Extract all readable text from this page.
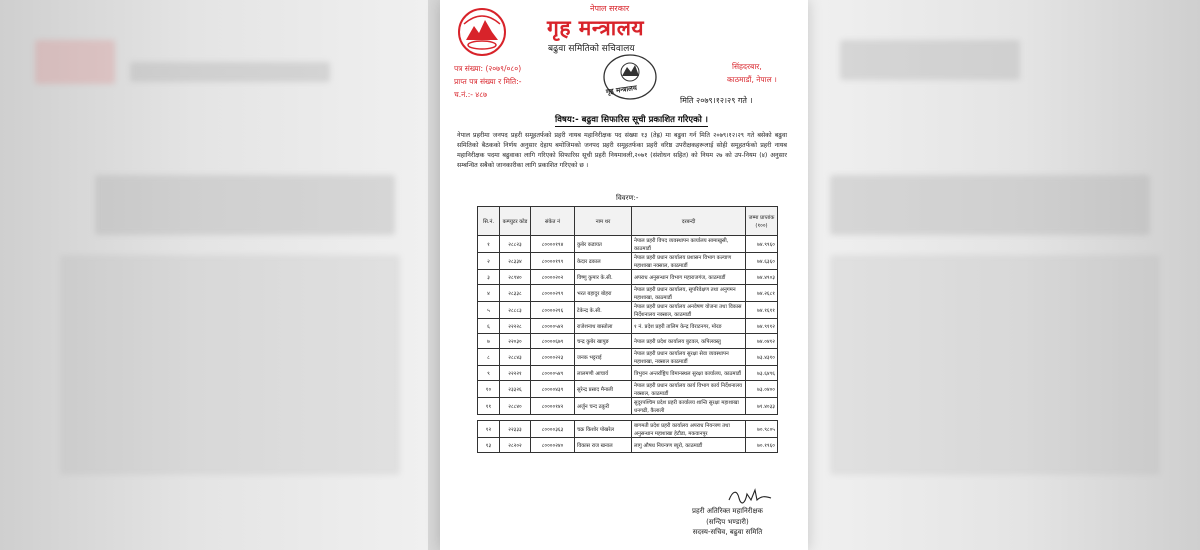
नेपाल सरकार
गृह मन्त्रालय
बढुवा समितिको सचिवालय
गृह मन्त्रालय
पत्र संख्या: (२०७९/०८०)
प्राप्त पत्र संख्या र मिति:-
च.नं.:- ४८७
सिंहदरबार,
काठमाडौं, नेपाल ।
मिति २०७९।१२।२९ गते ।
विषय:- बढुवा सिफारिस सूची प्रकाशित गरिएको ।
नेपाल प्रहरीमा जनपद प्रहरी समूहतर्फको प्रहरी नायब महानिरीक्षक पद संख्या १३ (तेह्र) मा बढुवा गर्न मिति २०७९।१२।२९ गते बसेको बढुवा समितिको बैठकको निर्णय अनुसार देहाय बमोजिमको जनपद प्रहरी समूहतर्फका प्रहरी वरिष्ठ उपरीक्षकहरूलाई सोही समूहतर्फको प्रहरी नायब महानिरीक्षक पदमा बढुवाका लागि गरिएको सिफारिस सूची प्रहरी नियमावली,२०७१ (संशोधन सहित) को नियम २७ को उप-नियम (४) अनुसार सम्बन्धित सबैको जानकारीका लागि प्रकाशित गरिएको छ ।
विवरण:-
सि.नं.	कम्प्युटर कोड	संकेत नं	नाम थर	दरबन्दी	जम्मा प्राप्तांक (१००)
१	२८८२३	८००००१९४	कुबेर कडायत	नेपाल प्रहरी विपद व्यवस्थापन कार्यालय सामाखुसी, काठमाडौं	७४.९९६०
२	२८३३४	८००००१९९	केदार ढकाल	नेपाल प्रहरी प्रधान कार्यालय प्रशासन विभाग कल्याण महाशाखा नक्साल, काठमाडौं	७४.६३६०
३	२८९४०	८००००२०२	विष्णु कुमार के.सी.	अपराध अनुसन्धान विभाग महाराजगंज, काठमाडौं	७४.४९०३
४	२८३३८	८००००२९९	भरत बहादुर बोहरा	नेपाल प्रहरी प्रधान कार्यालय, सुपरिवेक्षण तथा अनुगमन महाशाखा, काठमाडौं	७४.२६८१
५	२८८८३	८००००२१६	टेकेन्द्र के.सी.	नेपाल प्रहरी प्रधान कार्यालय अनवेषण योजना तथा विकास निर्देशनालय नक्साल, काठमाडौं	७४.१६११
६	२२२२८	८००००५४२	राजेशनाथ बास्तोला	१ नं. प्रदेश प्रहरी तालिम केन्द्र विराटनगर, मोरङ	७४.९११२
७	२२०३०	८००००६७९	चन्द्र कुबेर खापुङ	नेपाल प्रहरी प्रदेश कार्यालय बुटवल, कपिलवस्तु	७४.०४१२
८	२८८४३	८००००२२३	जनक भट्टराई	नेपाल प्रहरी प्रधान कार्यालय सुरक्षा सेवा व्यवस्थापन महाशाखा, नक्साल काठमाडौं	७३.४३१०
९	२२२२१	८००००५४९	लालमणी आचार्य	त्रिभुवन अन्तर्राष्ट्रिय विमानस्थल सुरक्षा कार्यालय, काठमाडौं	७३.६४९६
१०	२३३२६	८००००४३९	सुरेन्द्र प्रसाद मैनाली	नेपाल प्रहरी प्रधान कार्यालय कार्य विभाग कार्य निर्देशनालय नक्साल, काठमाडौं	७३.०४००
११	२८८४०	८००००१४२	अर्जुन चन्द ठकुरी	सुदूरपश्चिम प्रदेश प्रहरी कार्यालय शान्ति सुरक्षा महाशाखा धनगढी, कैलाली	७१.४०३३

१२	२२३३३	८००००३६३	चक्र किशोर पोखरेल	बागमती प्रदेश प्रहरी कार्यालय अपराध नियन्त्रण तथा अनुसन्धान महाशाखा हेटौडा, मकवानपुर	७०.९८०५
१३	२८२०२	८००००२४०	विकास राज खनाल	लागु औषध नियन्त्रण ब्यूरो, काठमाडौं	७०.१९६०
प्रहरी अतिरिक्त महानिरीक्षक
(सन्दिप भण्डारी)
सदस्य-सचिव, बढुवा समिति
